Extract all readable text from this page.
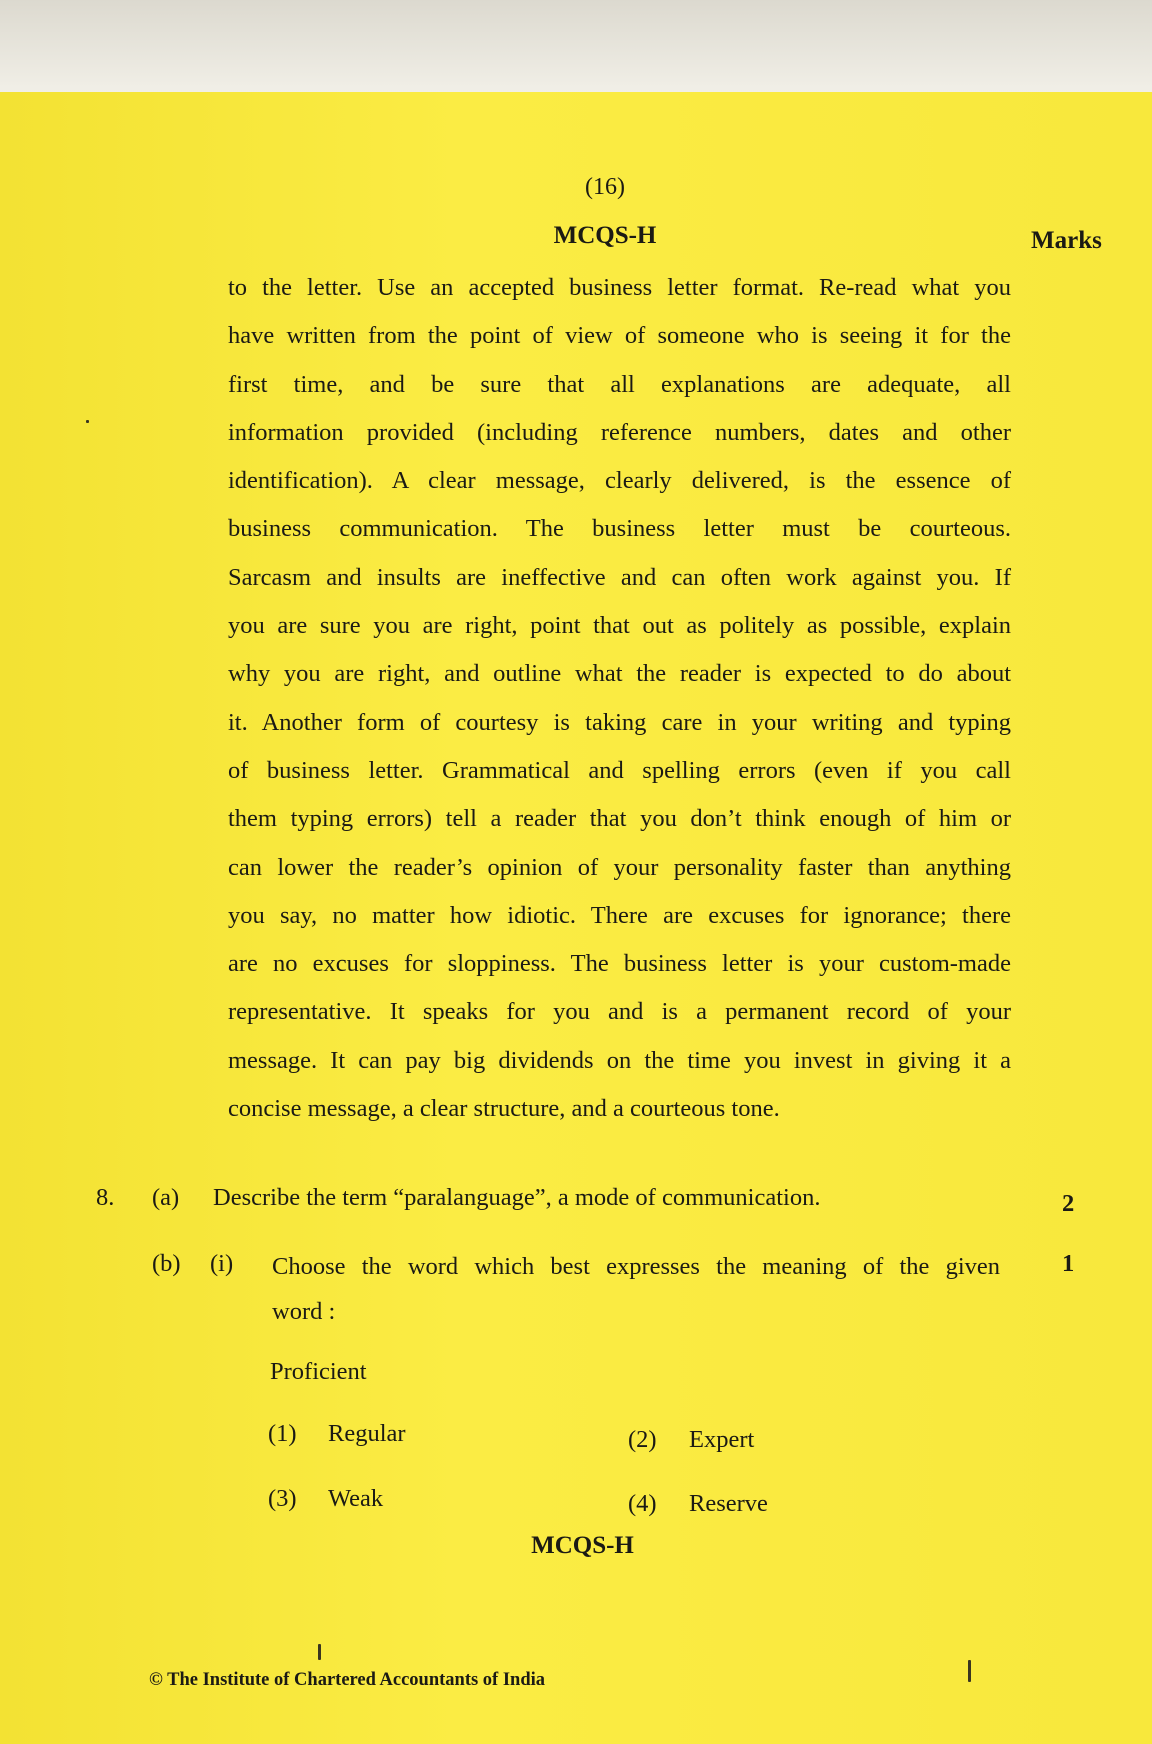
(16)
MCQS-H	Marks

to the letter. Use an accepted business letter format. Re-read what you

have written from the point of view of someone who is seeing it for the

first time, and be sure that all explanations are adequate, all

information provided (including reference numbers, dates and other

identification). A clear message, clearly delivered, is the essence of

business communication. The business letter must be courteous.

Sarcasm and insults are ineffective and can often work against you. If

you are sure you are right, point that out as politely as possible, explain

why you are right, and outline what the reader is expected to do about

it. Another form of courtesy is taking care in your writing and typing

of business letter. Grammatical and spelling errors (even if you call

them typing errors) tell a reader that you don’t think enough of him or

can lower the reader’s opinion of your personality faster than anything

you say, no matter how idiotic. There are excuses for ignorance; there

are no excuses for sloppiness. The business letter is your custom-made

representative. It speaks for you and is a permanent record of your

message. It can pay big dividends on the time you invest in giving it a

concise message, a clear structure, and a courteous tone.

8. (a) Describe the term “paralanguage”, a mode of communication.	2
(b) (i) Choose the word which best expresses the meaning of the given
word :
1
Proficient
(1) Regular	(2) Expert
(3) Weak	(4) Reserve
MCQS-H
© The Institute of Chartered Accountants of India
